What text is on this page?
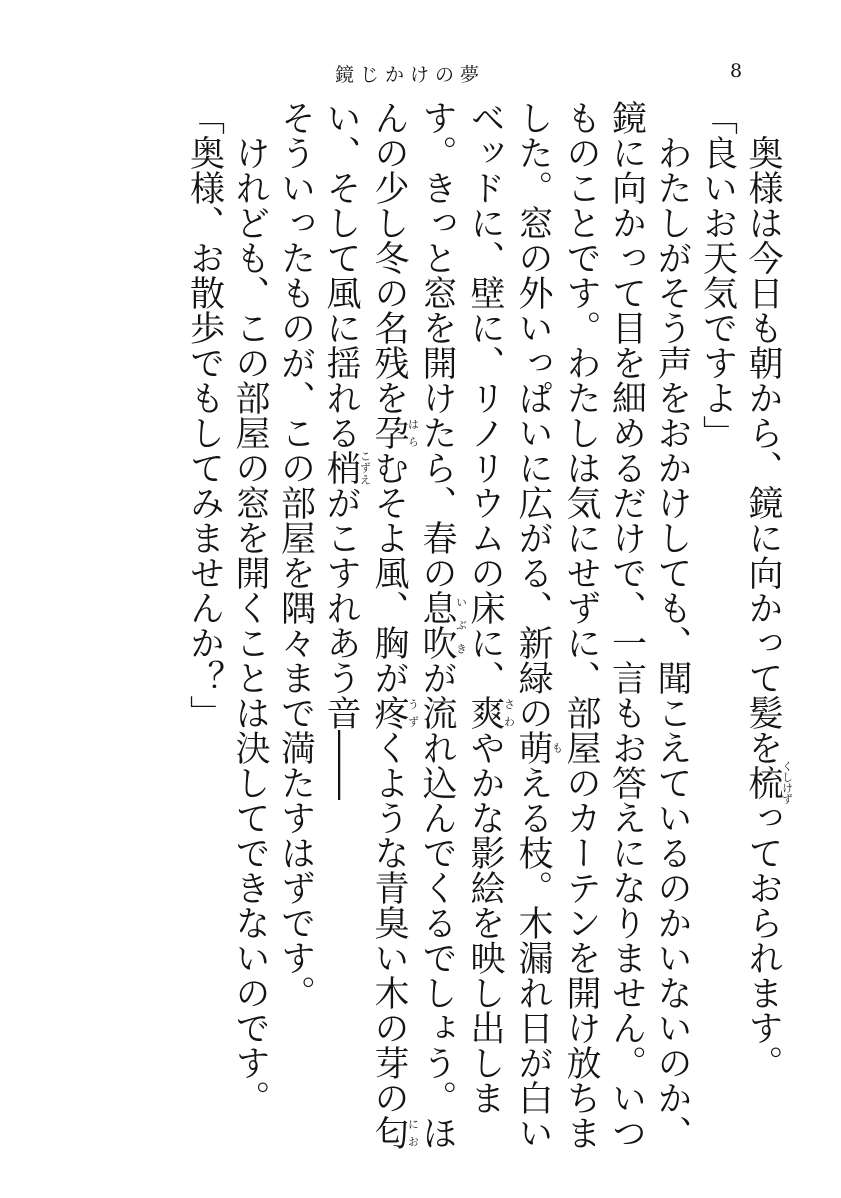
鏡じかけの夢	8

　奥様は今日も朝から、鏡に向かって髪を梳くしけずっておられます。

「良いお天気ですよ」

　わたしがそう声をおかけしても、聞こえているのかいないのか、鏡に向かって目を細めるだけで、一言もお答えになりません。いつものことです。わたしは気にせずに、部屋のカーテンを開け放ちました。窓の外いっぱいに広がる、新緑の萌もえる枝。木漏れ日が白いベッドに、壁に、リノリウムの床に、爽さわやかな影絵を映し出します。きっと窓を開けたら、春の息吹いぶきが流れ込んでくるでしょう。ほんの少し冬の名残を孕はらむそよ風、胸が疼うずくような青臭い木の芽の匂におい、そして風に揺れる梢こずえがこすれあう音――

そういったものが、この部屋を隅々まで満たすはずです。

　けれども、この部屋の窓を開くことは決してできないのです。

「奥様、お散歩でもしてみませんか？」
